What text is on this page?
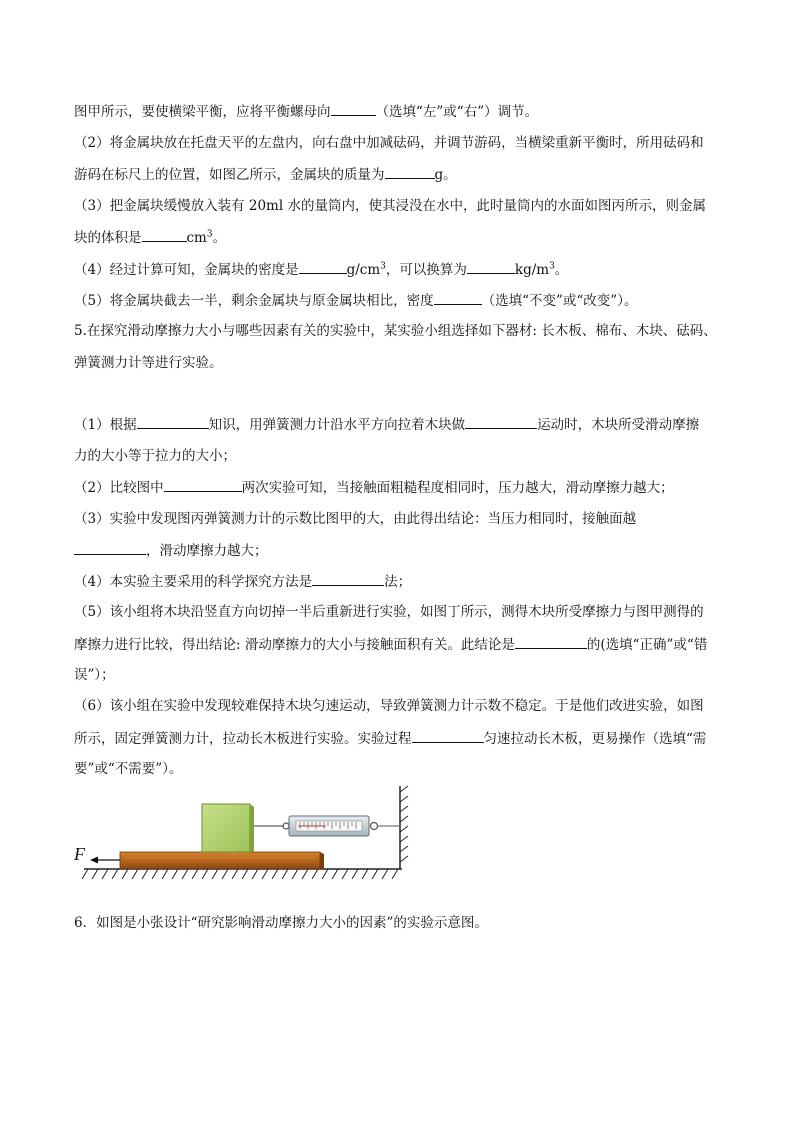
图甲所示，要使横梁平衡，应将平衡螺母向	（选填“左”或“右”）调节。
（2）将金属块放在托盘天平的左盘内，向右盘中加减砝码，并调节游码，当横梁重新平衡时，所用砝码和
游码在标尺上的位置，如图乙所示，金属块的质量为	g。
（3）把金属块缓慢放入装有 20ml 水的量筒内，使其浸没在水中，此时量筒内的水面如图丙所示，则金属
块的体积是	$cm^3$。
（4）经过计算可知，金属块的密度是	$g/cm^3$，可以换算为	$kg/m^3$。
（5）将金属块截去一半，剩余金属块与原金属块相比，密度	（选填“不变”或“改变”）。
5.在探究滑动摩擦力大小与哪些因素有关的实验中，某实验小组选择如下器材: 长木板、棉布、木块、砝码、
弹簧测力计等进行实验。
（1）根据	知识，用弹簧测力计沿水平方向拉着木块做	运动时，木块所受滑动摩擦
力的大小等于拉力的大小；
（2）比较图中	两次实验可知，当接触面粗糙程度相同时，压力越大，滑动摩擦力越大；
（3）实验中发现图丙弹簧测力计的示数比图甲的大，由此得出结论：当压力相同时，接触面越
，滑动摩擦力越大；
（4）本实验主要采用的科学探究方法是	法；
（5）该小组将木块沿竖直方向切掉一半后重新进行实验，如图丁所示，测得木块所受摩擦力与图甲测得的
摩擦力进行比较，得出结论: 滑动摩擦力的大小与接触面积有关。此结论是	的(选填“正确”或“错
误”）；
（6）该小组在实验中发现较难保持木块匀速运动，导致弹簧测力计示数不稳定。于是他们改进实验，如图
所示，固定弹簧测力计，拉动长木板进行实验。实验过程	匀速拉动长木板，更易操作（选填“需
要”或“不需要”）。
F
6．如图是小张设计“研究影响滑动摩擦力大小的因素”的实验示意图。
